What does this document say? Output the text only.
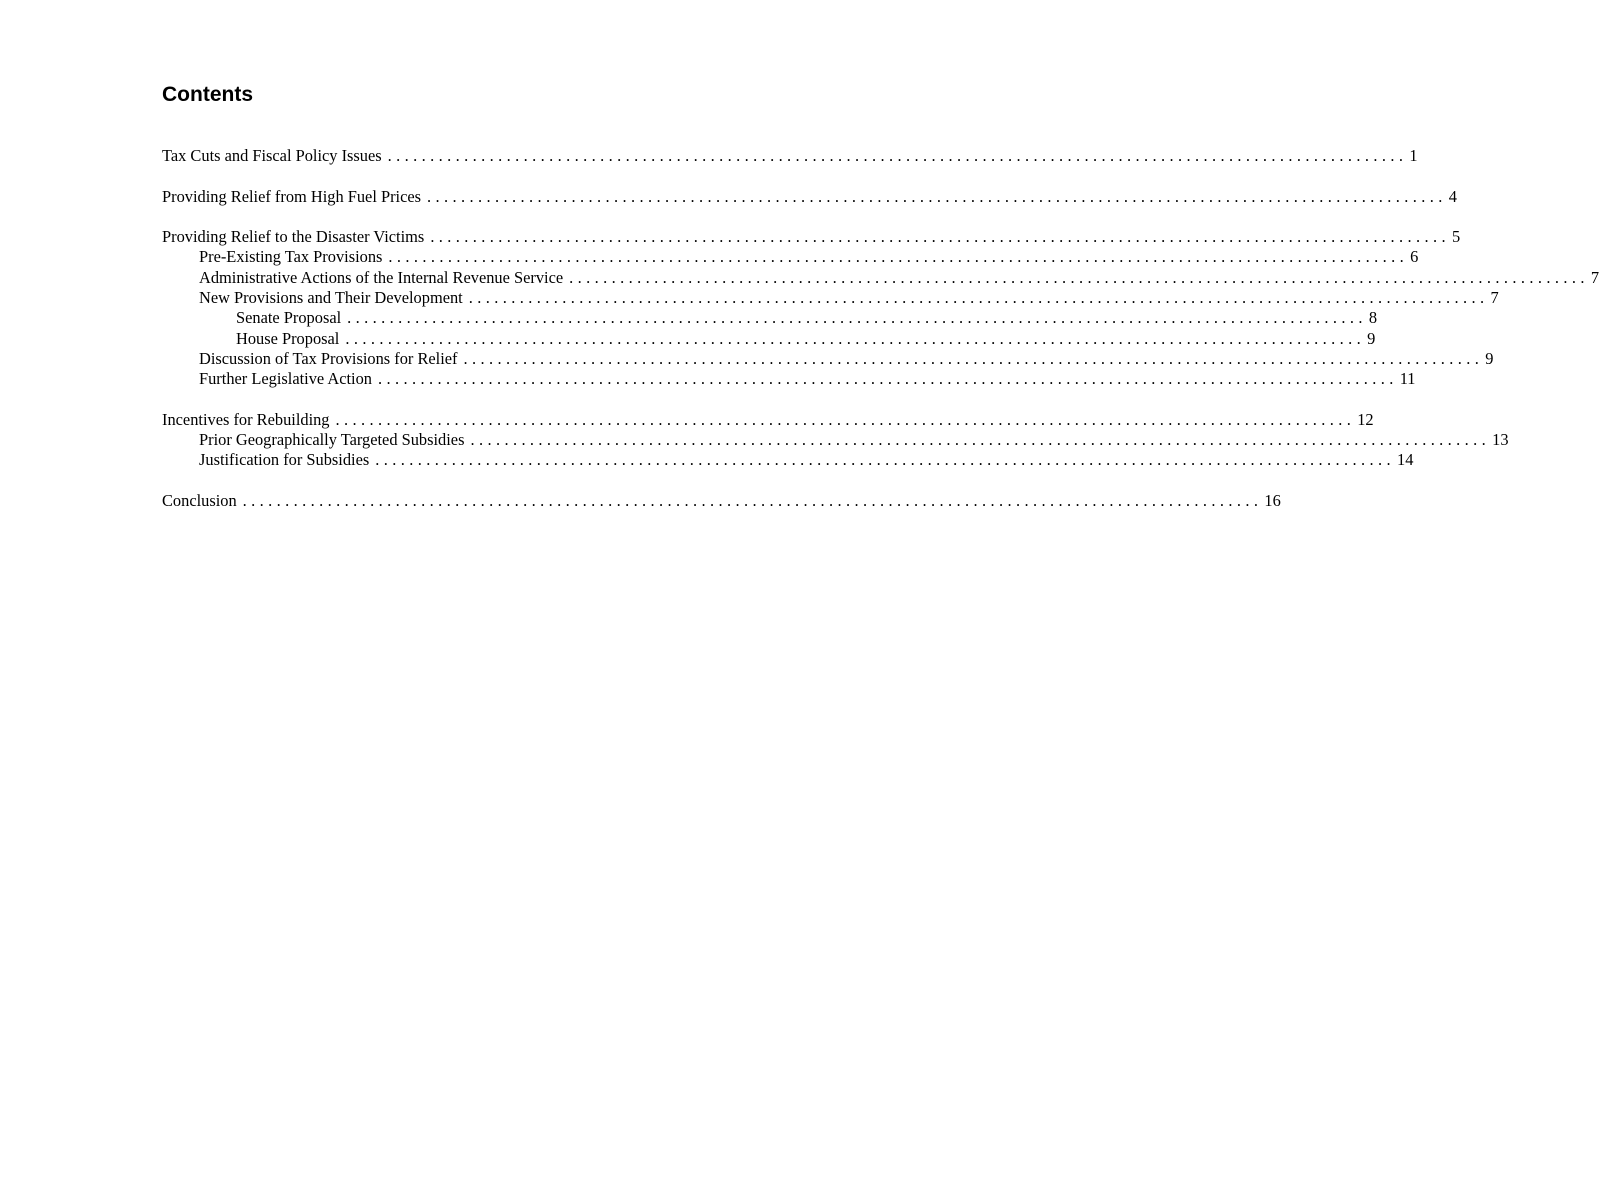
Contents
Tax Cuts and Fiscal Policy Issues ........................................................................................................................ 1
Providing Relief from High Fuel Prices ........................................................................................................................ 4
Providing Relief to the Disaster Victims ........................................................................................................................ 5
Pre-Existing Tax Provisions ........................................................................................................................ 6
Administrative Actions of the Internal Revenue Service ........................................................................................................................ 7
New Provisions and Their Development ........................................................................................................................ 7
Senate Proposal ........................................................................................................................ 8
House Proposal ........................................................................................................................ 9
Discussion of Tax Provisions for Relief ........................................................................................................................ 9
Further Legislative Action ........................................................................................................................ 11
Incentives for Rebuilding ........................................................................................................................ 12
Prior Geographically Targeted Subsidies ........................................................................................................................ 13
Justification for Subsidies ........................................................................................................................ 14
Conclusion ........................................................................................................................ 16
